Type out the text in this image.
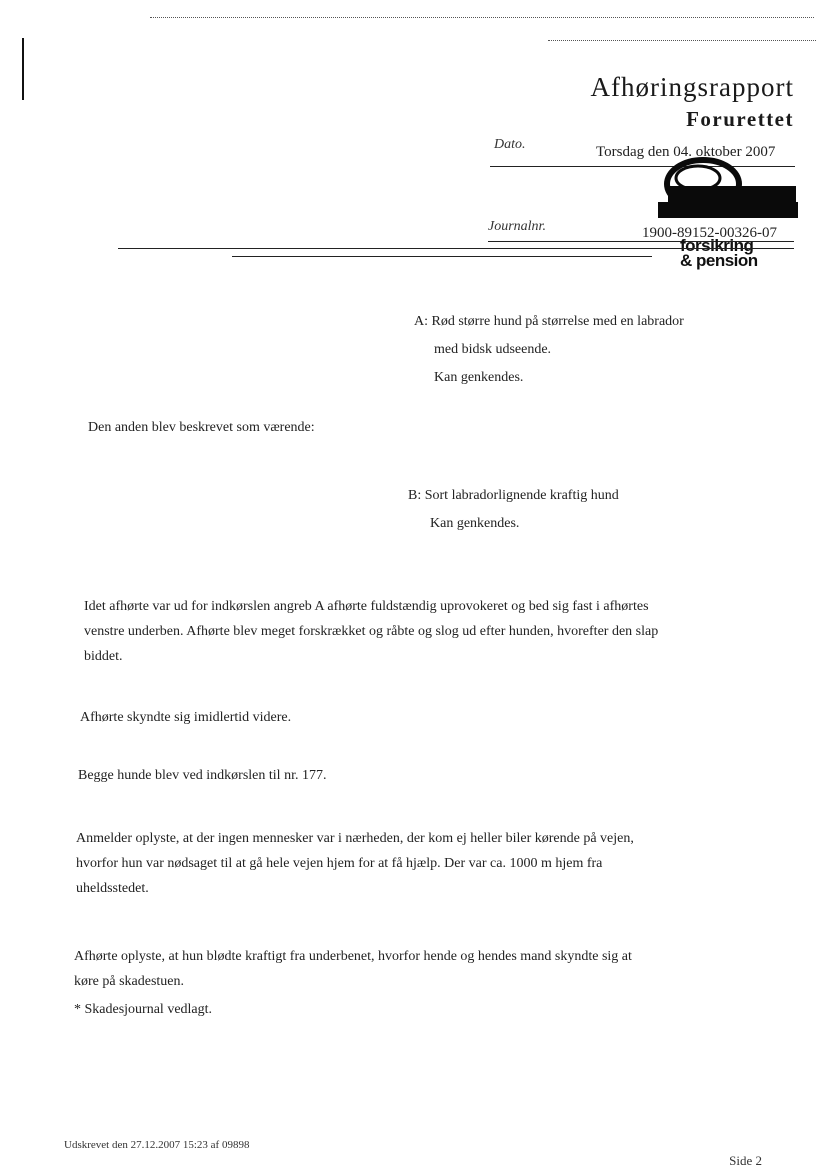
Afhøringsrapport
Forurettet
Dato.	Torsdag den 04. oktober 2007
Journalnr.	1900-89152-00326-07
forsikring
& pension
A: Rød større hund på størrelse med en labrador
med bidsk udseende.
Kan genkendes.
Den anden blev beskrevet som værende:
B: Sort labradorlignende kraftig hund
Kan genkendes.
Idet afhørte var ud for indkørslen angreb A afhørte fuldstændig uprovokeret og bed sig fast i afhørtes
venstre underben. Afhørte blev meget forskrækket og råbte og slog ud efter hunden, hvorefter den slap
biddet.
Afhørte skyndte sig imidlertid videre.
Begge hunde blev ved indkørslen til nr. 177.
Anmelder oplyste, at der ingen mennesker var i nærheden, der kom ej heller biler kørende på vejen,
hvorfor hun var nødsaget til at gå hele vejen hjem for at få hjælp. Der var ca. 1000 m hjem fra
uheldsstedet.
Afhørte oplyste, at hun blødte kraftigt fra underbenet, hvorfor hende og hendes mand skyndte sig at
køre på skadestuen.
* Skadesjournal vedlagt.
Udskrevet den 27.12.2007 15:23 af 09898
Side 2
